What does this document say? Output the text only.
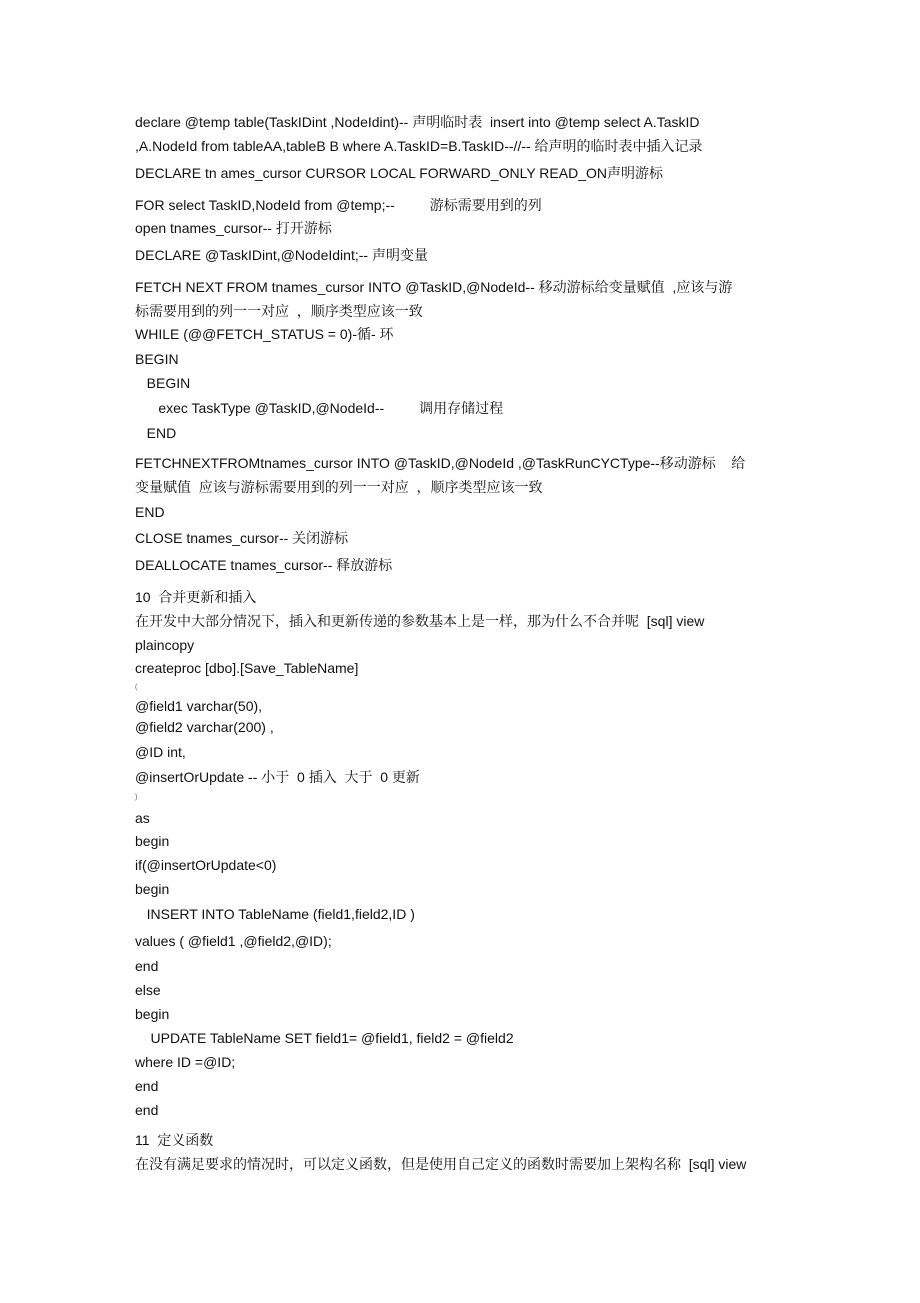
declare @temp table(TaskIDint ,NodeIdint)-- 声明临时表  insert into @temp select A.TaskID

,A.NodeId from tableAA,tableB B where A.TaskID=B.TaskID--//-- 给声明的临时表中插入记录

DECLARE tn ames_cursor CURSOR LOCAL FORWARD_ONLY READ_ON声明游标

FOR select TaskID,NodeId from @temp;--         游标需要用到的列

open tnames_cursor-- 打开游标

DECLARE @TaskIDint,@NodeIdint;-- 声明变量

FETCH NEXT FROM tnames_cursor INTO @TaskID,@NodeId-- 移动游标给变量赋值  ,应该与游

标需要用到的列一一对应  ，顺序类型应该一致

WHILE (@@FETCH_STATUS = 0)-循- 环

BEGIN

BEGIN

exec TaskType @TaskID,@NodeId--         调用存储过程

END

FETCHNEXTFROMtnames_cursor INTO @TaskID,@NodeId ,@TaskRunCYCType--移动游标    给

变量赋值  应该与游标需要用到的列一一对应  ，顺序类型应该一致

END

CLOSE tnames_cursor-- 关闭游标

DEALLOCATE tnames_cursor-- 释放游标

10  合并更新和插入

在开发中大部分情况下，插入和更新传递的参数基本上是一样，那为什么不合并呢  [sql] view

plaincopy

createproc [dbo].[Save_TableName]

(

@field1 varchar(50),

@field2 varchar(200) ,

@ID int,

@insertOrUpdate -- 小于  0 插入  大于  0 更新

)

as

begin

if(@insertOrUpdate<0)

begin

INSERT INTO TableName (field1,field2,ID )

values ( @field1 ,@field2,@ID);

end

else

begin

UPDATE TableName SET field1= @field1, field2 = @field2

where ID =@ID;

end

end

11  定义函数

在没有满足要求的情况时，可以定义函数，但是使用自己定义的函数时需要加上架构名称  [sql] view
